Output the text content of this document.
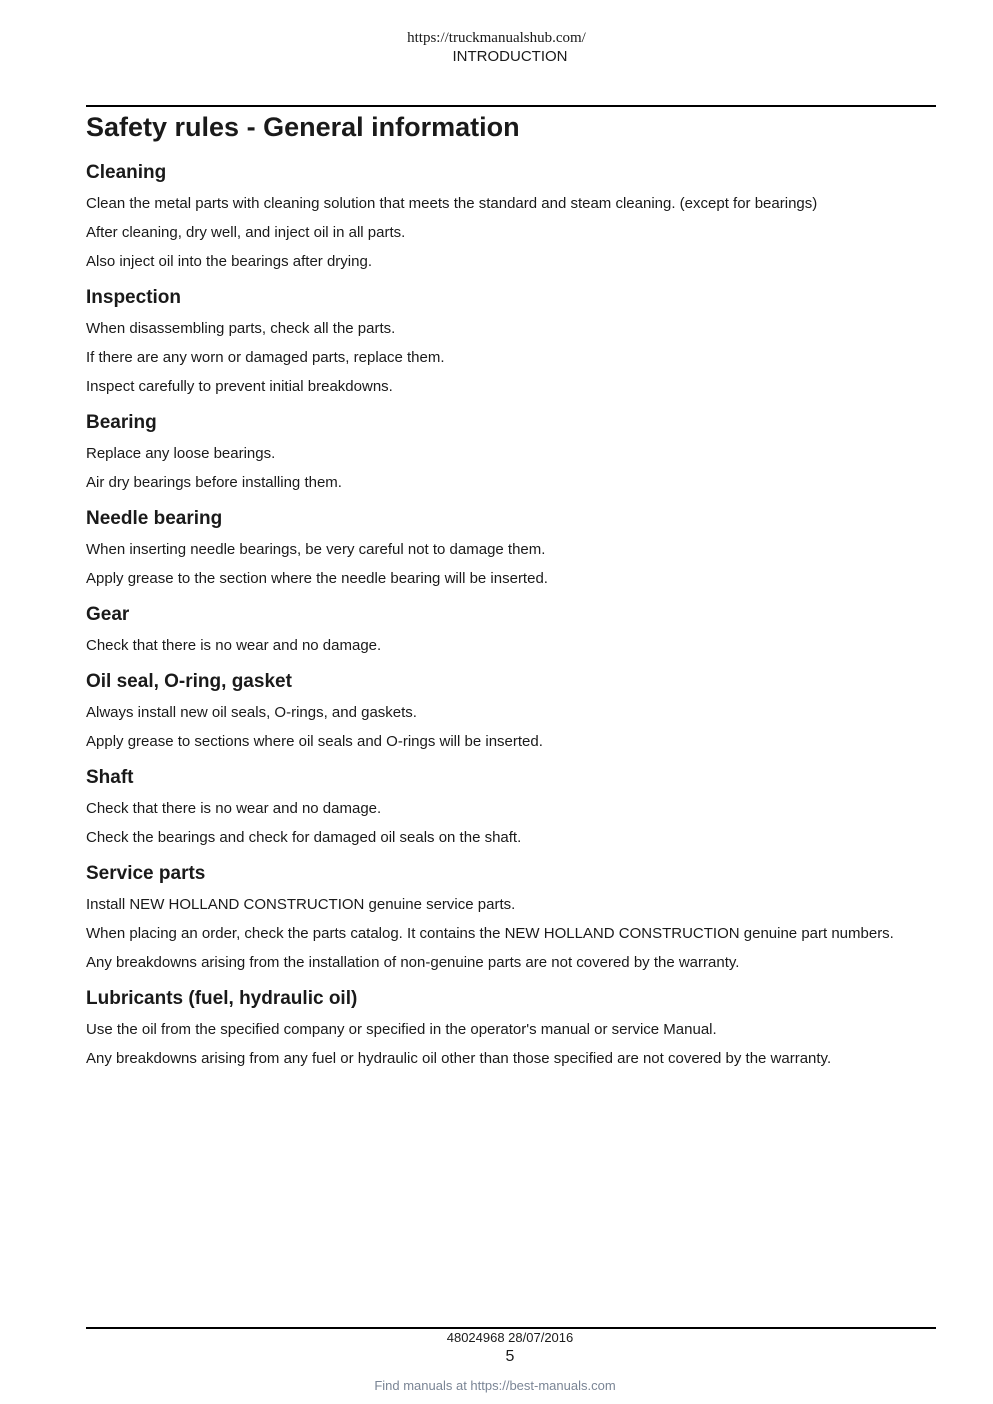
https://truckmanualshub.com/
INTRODUCTION
Safety rules - General information
Cleaning

Clean the metal parts with cleaning solution that meets the standard and steam cleaning. (except for bearings)

After cleaning, dry well, and inject oil in all parts.

Also inject oil into the bearings after drying.

Inspection

When disassembling parts, check all the parts.

If there are any worn or damaged parts, replace them.

Inspect carefully to prevent initial breakdowns.

Bearing

Replace any loose bearings.

Air dry bearings before installing them.

Needle bearing

When inserting needle bearings, be very careful not to damage them.

Apply grease to the section where the needle bearing will be inserted.

Gear

Check that there is no wear and no damage.

Oil seal, O-ring, gasket

Always install new oil seals, O-rings, and gaskets.

Apply grease to sections where oil seals and O-rings will be inserted.

Shaft

Check that there is no wear and no damage.

Check the bearings and check for damaged oil seals on the shaft.

Service parts

Install NEW HOLLAND CONSTRUCTION genuine service parts.

When placing an order, check the parts catalog. It contains the NEW HOLLAND CONSTRUCTION genuine part numbers.

Any breakdowns arising from the installation of non-genuine parts are not covered by the warranty.

Lubricants (fuel, hydraulic oil)

Use the oil from the specified company or specified in the operator's manual or service Manual.

Any breakdowns arising from any fuel or hydraulic oil other than those specified are not covered by the warranty.

48024968 28/07/2016
5
Find manuals at https://best-manuals.com
